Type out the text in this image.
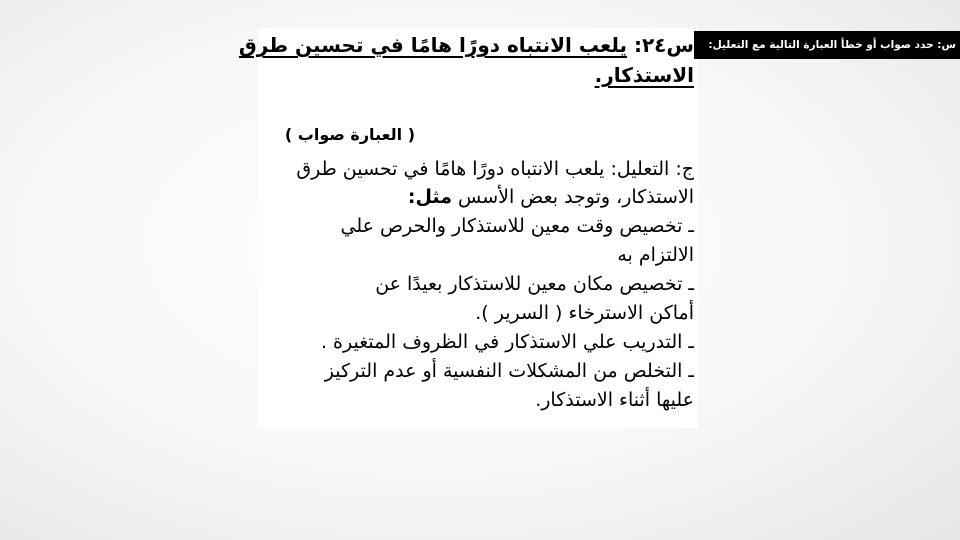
س: حدد صواب أو خطأ العبارة التالية مع التعليل:
س٢٤: يلعب الانتباه دورًا هامًا في تحسين طرق
الاستذكار.
( العبارة صواب )
ج: التعليل: يلعب الانتباه دورًا هامًا في تحسين طرق
الاستذكار، وتوجد بعض الأسس مثل:
ـ تخصيص وقت معين للاستذكار والحرص علي
الالتزام به
ـ تخصيص مكان معين للاستذكار بعيدًا عن
أماكن الاسترخاء ( السرير ).
ـ التدريب علي الاستذكار في الظروف المتغيرة .
ـ التخلص من المشكلات النفسية أو عدم التركيز
عليها أثناء الاستذكار.
